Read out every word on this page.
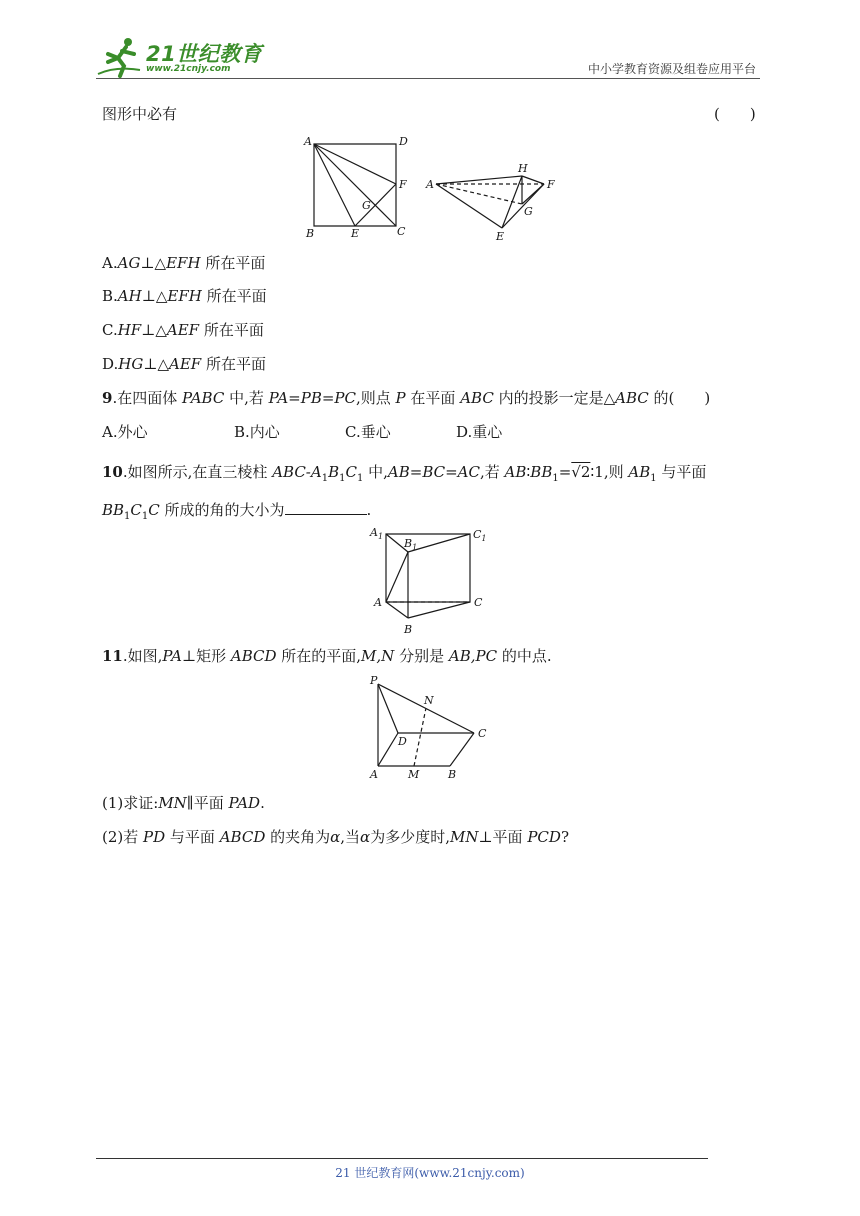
21世纪教育
www.21cnjy.com	中小学教育资源及组卷应用平台
图形中必有	(　　)
A	D
F
G
B	E	C
A
H
F
G
E
A.AG⊥△EFH 所在平面
B.AH⊥△EFH 所在平面
C.HF⊥△AEF 所在平面
D.HG⊥△AEF 所在平面
9.在四面体 PABC 中,若 PA=PB=PC,则点 P 在平面 ABC 内的投影一定是△ABC 的(　　)
A.外心	B.内心	C.垂心	D.重心
10.如图所示,在直三棱柱 ABC-$A_1B_1C_1$ 中,AB=BC=AC,若 $AB∶BB_1=√2∶1$,则 $AB_1$ 与平面
$BB_1C_1C$ 所成的角的大小为	.
$A_1$
$B_1$
$C_1$
A
B
C
11.如图,PA⊥矩形 ABCD 所在的平面,M,N 分别是 AB,PC 的中点.
P
N
D
C
A	M	B
(1)求证:MN∥平面 PAD.
(2)若 PD 与平面 ABCD 的夹角为α,当α为多少度时,MN⊥平面 PCD?
21 世纪教育网(www.21cnjy.com)
